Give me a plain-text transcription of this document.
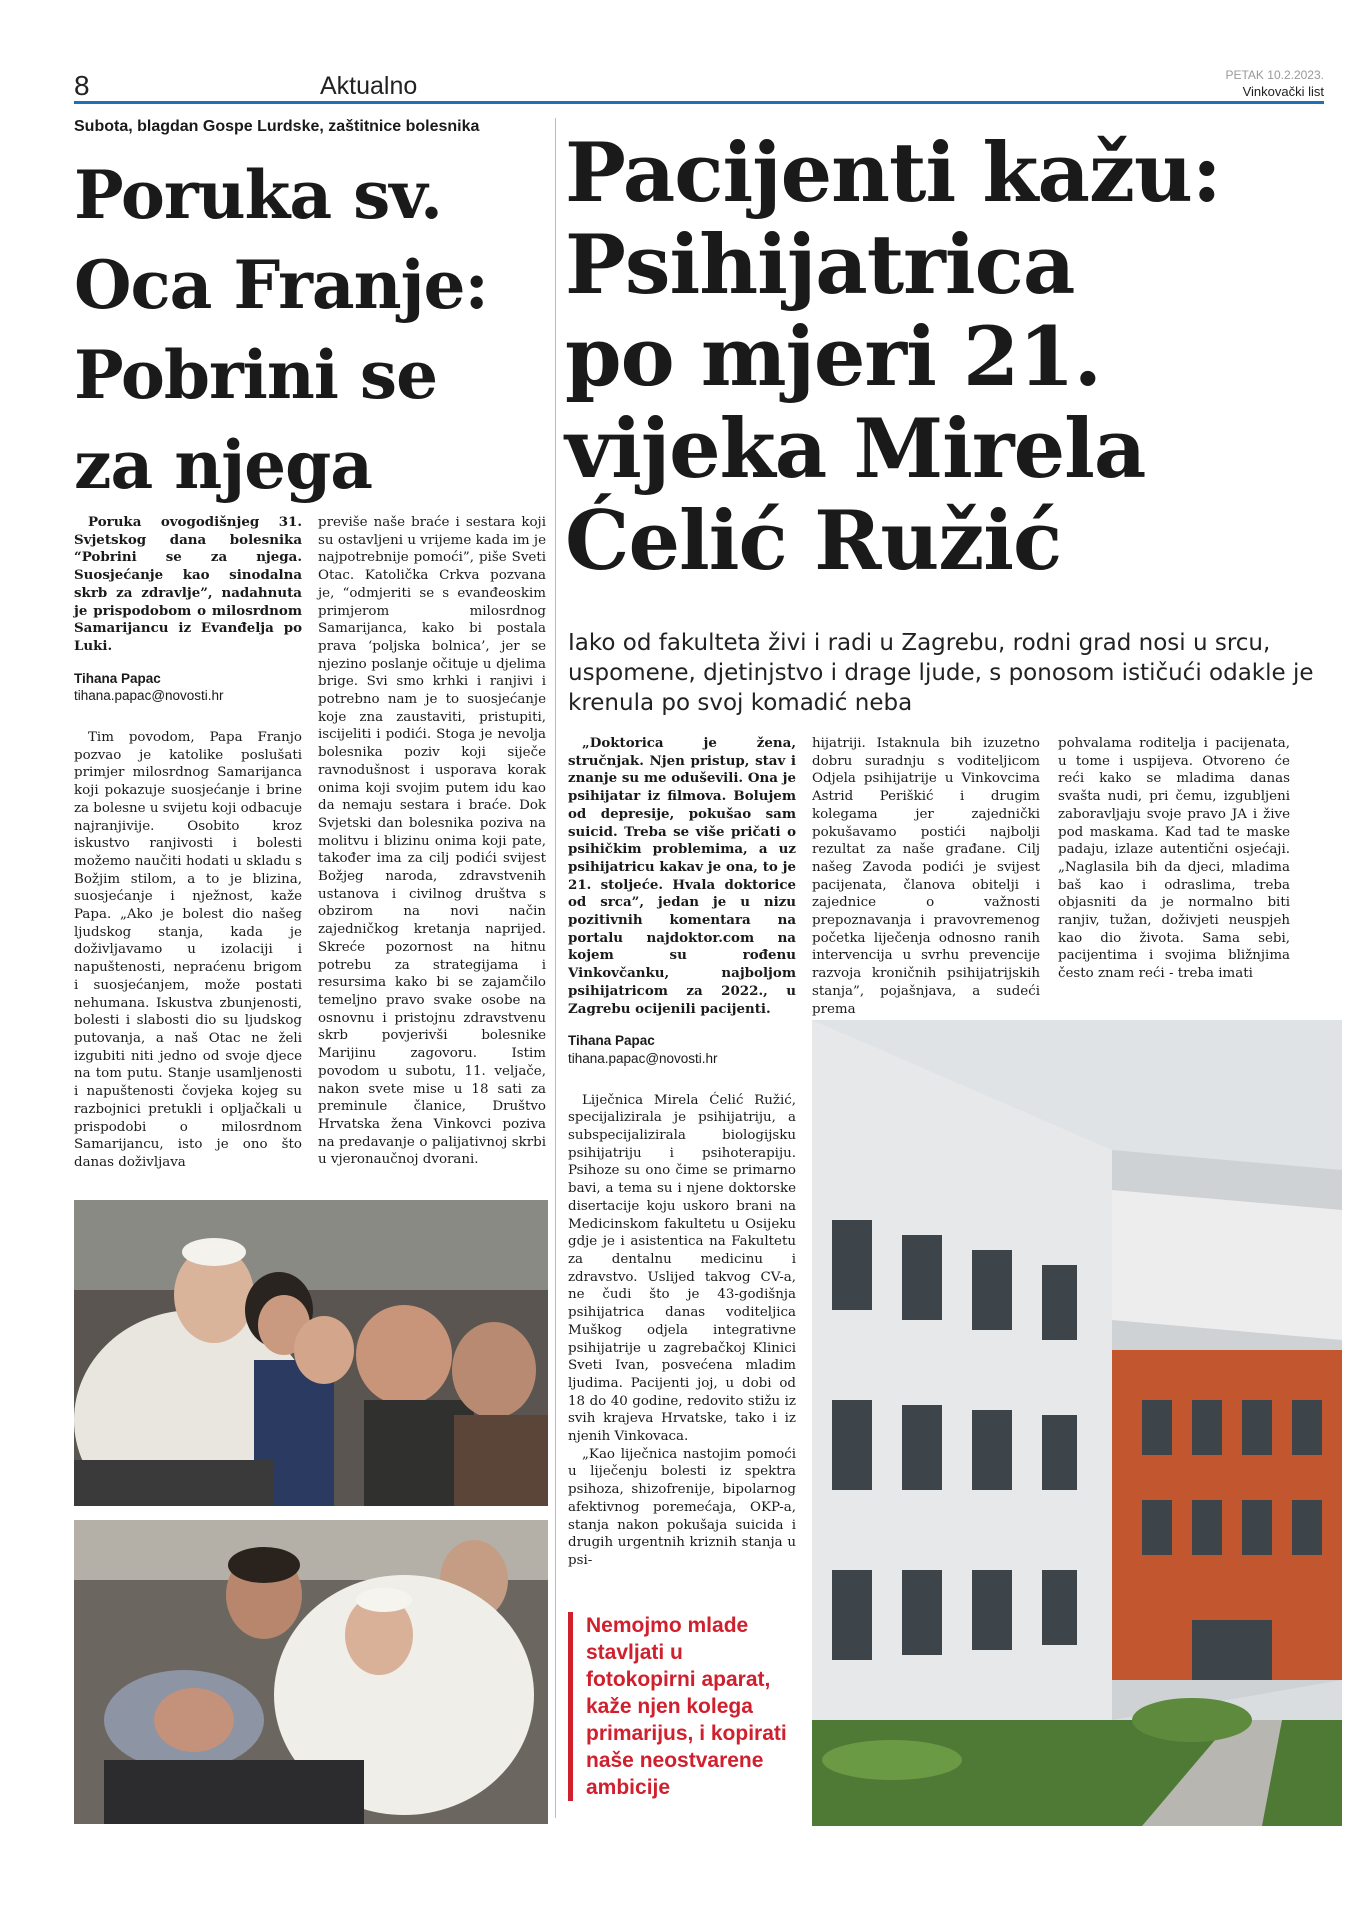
8	Aktualno	PETAK 10.2.2023.
Vinkovački list
Subota, blagdan Gospe Lurdske, zaštitnice bolesnika
Poruka sv.
Oca Franje:
Pobrini se
za njega

Poruka ovogodišnjeg 31. Svjetskog dana bolesnika “Pobrini se za njega. Suosjećanje kao sinodalna skrb za zdravlje”, nadahnuta je prispodobom o milosrdnom Samarijancu iz Evanđelja po Luki.

Tihana Papac
tihana.papac@novosti.hr

Tim povodom, Papa Franjo pozvao je katolike poslušati primjer milosrdnog Samarijanca koji pokazuje suosjećanje i brine za bolesne u svijetu koji odbacuje najranjivije. Osobito kroz iskustvo ranjivosti i bolesti možemo naučiti hodati u skladu s Božjim stilom, a to je blizina, suosjećanje i nježnost, kaže Papa. „Ako je bolest dio našeg ljudskog stanja, kada je doživljavamo u izolaciji i napuštenosti, nepraćenu brigom i suosjećanjem, može postati nehumana. Iskustva zbunjenosti, bolesti i slabosti dio su ljudskog putovanja, a naš Otac ne želi izgubiti niti jedno od svoje djece na tom putu. Stanje usamljenosti i napuštenosti čovjeka kojeg su razbojnici pretukli i opljačkali u prispodobi o milosrdnom Samarijancu, isto je ono što danas doživljava

previše naše braće i sestara koji su ostavljeni u vrijeme kada im je najpotrebnije pomoći”, piše Sveti Otac. Katolička Crkva pozvana je, “odmjeriti se s evanđeoskim primjerom milosrdnog Samarijanca, kako bi postala prava ‘poljska bolnica’, jer se njezino poslanje očituje u djelima brige. Svi smo krhki i ranjivi i potrebno nam je to suosjećanje koje zna zaustaviti, pristupiti, iscijeliti i podići. Stoga je nevolja bolesnika poziv koji siječe ravnodušnost i usporava korak onima koji svojim putem idu kao da nemaju sestara i braće. Dok Svjetski dan bolesnika poziva na molitvu i blizinu onima koji pate, također ima za cilj podići svijest Božjeg naroda, zdravstvenih ustanova i civilnog društva s obzirom na novi način zajedničkog kretanja naprijed. Skreće pozornost na hitnu potrebu za strategijama i resursima kako bi se zajamčilo temeljno pravo svake osobe na osnovnu i pristojnu zdravstvenu skrb povjerivši bolesnike Marijinu zagovoru. Istim povodom u subotu, 11. veljače, nakon svete mise u 18 sati za preminule članice, Društvo Hrvatska žena Vinkovci poziva na predavanje o palijativnoj skrbi u vjeronaučnoj dvorani.

Pacijenti kažu:
Psihijatrica
po mjeri 21.
vijeka Mirela
Ćelić Ružić
Iako od fakulteta živi i radi u Zagrebu, rodni grad nosi u srcu, uspomene, djetinjstvo i drage ljude, s ponosom ističući odakle je krenula po svoj komadić neba

„Doktorica je žena, stručnjak. Njen pristup, stav i znanje su me oduševili. Ona je psihijatar iz filmova. Bolujem od depresije, pokušao sam suicid. Treba se više pričati o psihičkim problemima, a uz psihijatricu kakav je ona, to je 21. stoljeće. Hvala doktorice od srca”, jedan je u nizu pozitivnih komentara na portalu najdoktor.com na kojem su rođenu Vinkovčanku, najboljom psihijatricom za 2022., u Zagrebu ocijenili pacijenti.

Tihana Papac
tihana.papac@novosti.hr

Liječnica Mirela Ćelić Ružić, specijalizirala je psihijatriju, a subspecijalizirala biologijsku psihijatriju i psihoterapiju. Psihoze su ono čime se primarno bavi, a tema su i njene doktorske disertacije koju uskoro brani na Medicinskom fakultetu u Osijeku gdje je i asistentica na Fakultetu za dentalnu medicinu i zdravstvo. Uslijed takvog CV-a, ne čudi što je 43-godišnja psihijatrica danas voditeljica Muškog odjela integrativne psihijatrije u zagrebačkoj Klinici Sveti Ivan, posvećena mladim ljudima. Pacijenti joj, u dobi od 18 do 40 godine, redovito stižu iz svih krajeva Hrvatske, tako i iz njenih Vinkovaca.

„Kao liječnica nastojim pomoći u liječenju bolesti iz spektra psihoza, shizofrenije, bipolarnog afektivnog poremećaja, OKP-a, stanja nakon pokušaja suicida i drugih urgentnih kriznih stanja u psi-

hijatriji. Istaknula bih izuzetno dobru suradnju s voditeljicom Odjela psihijatrije u Vinkovcima Astrid Periškić i drugim kolegama jer zajednički pokušavamo postići najbolji rezultat za naše građane. Cilj našeg Zavoda podići je svijest pacijenata, članova obitelji i zajednice o važnosti prepoznavanja i pravovremenog početka liječenja odnosno ranih intervencija u svrhu prevencije razvoja kroničnih psihijatrijskih stanja”, pojašnjava, a sudeći prema

pohvalama roditelja i pacijenata, u tome i uspijeva. Otvoreno će reći kako se mladima danas svašta nudi, pri čemu, izgubljeni zaboravljaju svoje pravo JA i žive pod maskama. Kad tad te maske padaju, izlaze autentični osjećaji. „Naglasila bih da djeci, mladima baš kao i odraslima, treba objasniti da je normalno biti ranjiv, tužan, doživjeti neuspjeh kao dio života. Sama sebi, pacijentima i svojima bližnjima često znam reći - treba imati

Nemojmo mlade stavljati u fotokopirni aparat, kaže njen kolega primarijus, i kopirati naše neostvarene ambicije
